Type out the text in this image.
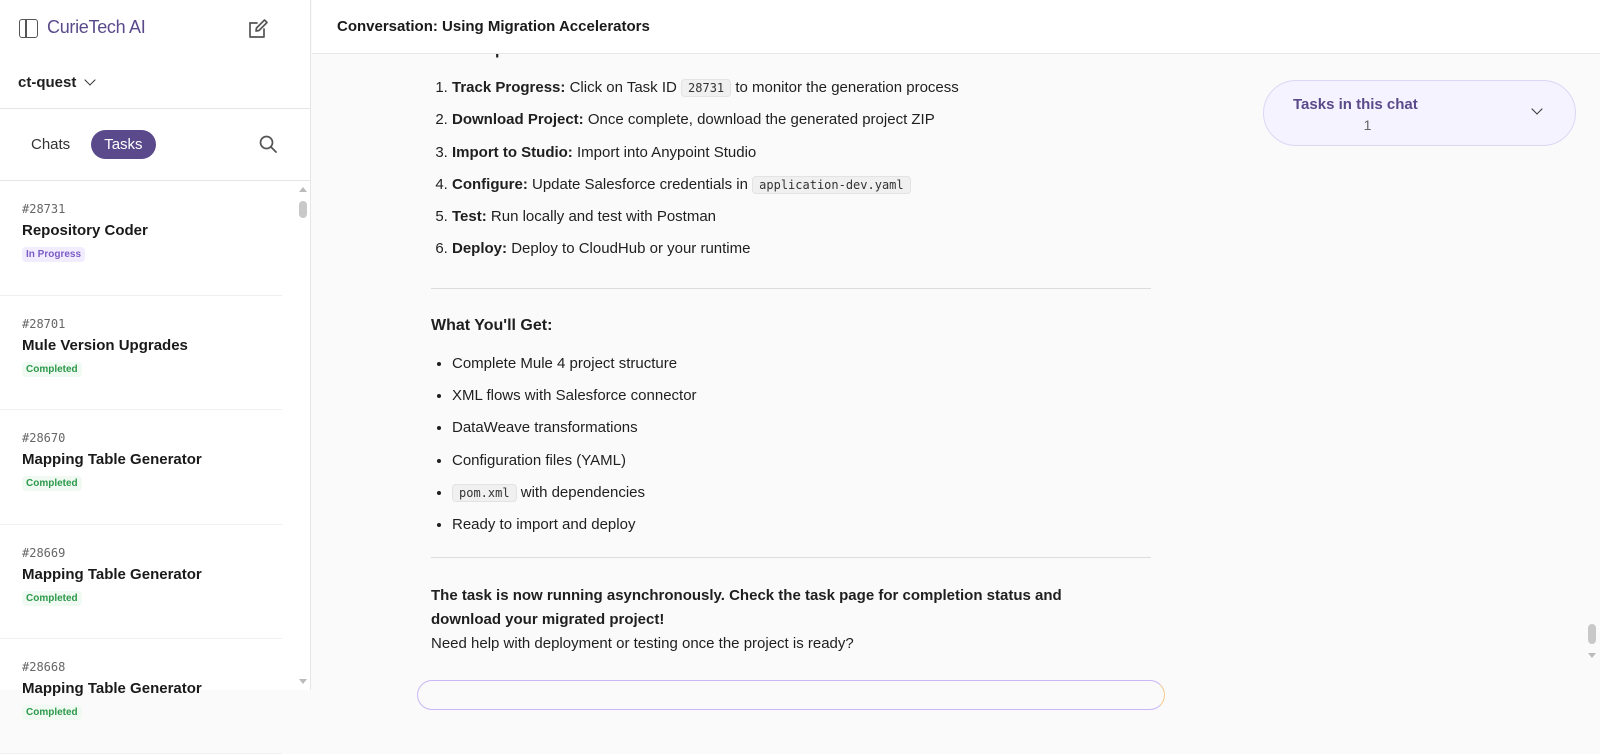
CurieTech AI
ct-quest
Chats	Tasks
#28731
Repository Coder
In Progress
#28701
Mule Version Upgrades
Completed
#28670
Mapping Table Generator
Completed
#28669
Mapping Table Generator
Completed
#28668
Mapping Table Generator
Completed
Conversation: Using Migration Accelerators
1. Track Progress: Click on Task ID 28731 to monitor the generation process
2. Download Project: Once complete, download the generated project ZIP
3. Import to Studio: Import into Anypoint Studio
4. Configure: Update Salesforce credentials in application-dev.yaml
5. Test: Run locally and test with Postman
6. Deploy: Deploy to CloudHub or your runtime
What You'll Get:
• Complete Mule 4 project structure
• XML flows with Salesforce connector
• DataWeave transformations
• Configuration files (YAML)
• pom.xml with dependencies
• Ready to import and deploy
The task is now running asynchronously. Check the task page for completion status and download your migrated project!
Need help with deployment or testing once the project is ready?
Tasks in this chat
1
